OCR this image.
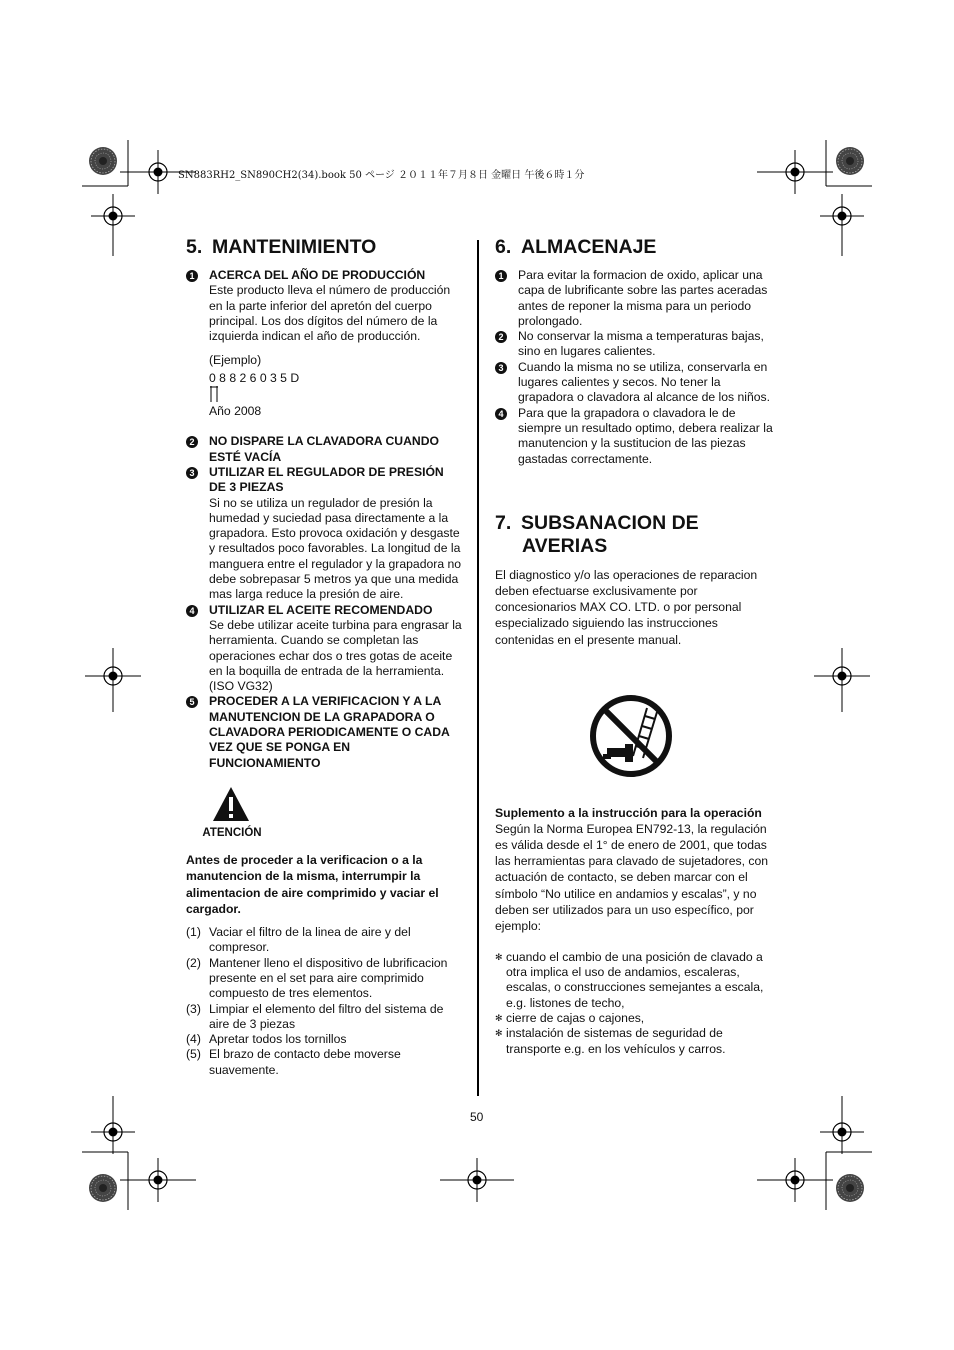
SN883RH2_SN890CH2(34).book 50 ページ ２０１１年７月８日 金曜日 午後６時１分
5. MANTENIMIENTO
1 ACERCA DEL AÑO DE PRODUCCIÓN

Este producto lleva el número de producción en la parte inferior del apretón del cuerpo principal. Los dos dígitos del número de la izquierda indican el año de producción.

(Ejemplo)

0 8 8 2 6 0 3 5 D

Año 2008

2 NO DISPARE LA CLAVADORA CUANDO ESTÉ VACÍA
3 UTILIZAR EL REGULADOR DE PRESIÓN DE 3 PIEZAS

Si no se utiliza un regulador de presión la humedad y suciedad pasa directamente a la grapadora. Esto provoca oxidación y desgaste y resultados poco favorables. La longitud de la manguera entre el regulador y la grapadora no debe sobrepasar 5 metros ya que una medida mas larga reduce la presión de aire.

4 UTILIZAR EL ACEITE RECOMENDADO

Se debe utilizar aceite turbina para engrasar la herramienta. Cuando se completan las operaciones echar dos o tres gotas de aceite en la boquilla de entrada de la herramienta. (ISO VG32)

5 PROCEDER A LA VERIFICACION Y A LA MANUTENCION DE LA GRAPADORA O CLAVADORA PERIODICAMENTE O CADA VEZ QUE SE PONGA EN FUNCIONAMIENTO
ATENCIÓN

Antes de proceder a la verificacion o a la manutencion de la misma, interrumpir la alimentacion de aire comprimido y vaciar el cargador.

(1) Vaciar el filtro de la linea de aire y del compresor.
(2) Mantener lleno el dispositivo de lubrificacion presente en el set para aire comprimido compuesto de tres elementos.
(3) Limpiar el elemento del filtro del sistema de aire de 3 piezas
(4) Apretar todos los tornillos
(5) El brazo de contacto debe moverse suavemente.
6. ALMACENAJE
1 Para evitar la formacion de oxido, aplicar una capa de lubrificante sobre las partes aceradas antes de reponer la misma para un periodo prolongado.
2 No conservar la misma a temperaturas bajas, sino en lugares calientes.
3 Cuando la misma no se utiliza, conservarla en lugares calientes y secos. No tener la grapadora o clavadora al alcance de los niños.
4 Para que la grapadora o clavadora le de siempre un resultado optimo, debera realizar la manutencion y la sustitucion de las piezas gastadas correctamente.
7. SUBSANACION DE
AVERIAS

El diagnostico y/o las operaciones de reparacion deben efectuarse exclusivamente por concesionarios MAX CO. LTD. o por personal especializado siguiendo las instrucciones contenidas en el presente manual.

Suplemento a la instrucción para la operación

Según la Norma Europea EN792-13, la regulación es válida desde el 1° de enero de 2001, que todas las herramientas para clavado de sujetadores, con actuación de contacto, se deben marcar con el símbolo “No utilice en andamios y escalas”, y no deben ser utilizados para un uso específico, por ejemplo:

✻ cuando el cambio de una posición de clavado a otra implica el uso de andamios, escaleras, escalas, o construcciones semejantes a escala, e.g. listones de techo,
✻ cierre de cajas o cajones,
✻ instalación de sistemas de seguridad de transporte e.g. en los vehículos y carros.
50
